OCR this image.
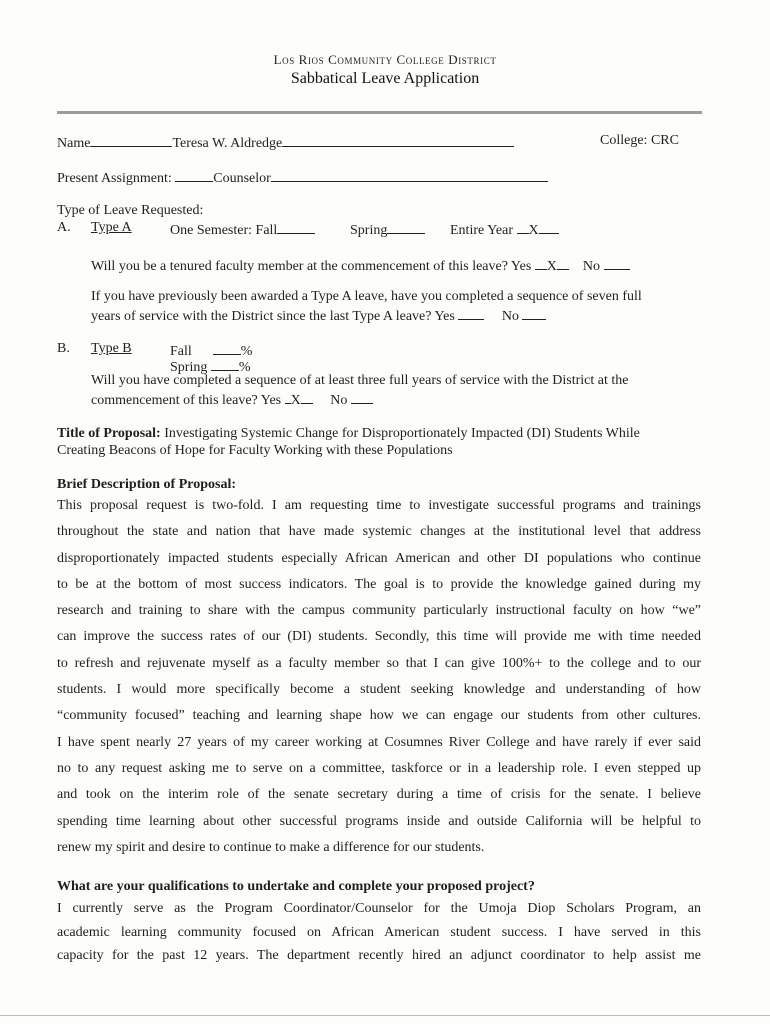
Los Rios Community College District
Sabbatical Leave Application
Name	Teresa W. Aldredge	College: CRC
Present Assignment:	Counselor
Type of Leave Requested:
A. Type A	One Semester: Fall	Spring	Entire Year X
Will you be a tenured faculty member at the commencement of this leave? Yes X No
If you have previously been awarded a Type A leave, have you completed a sequence of seven full
years of service with the District since the last Type A leave? Yes	No
B. Type B	Fall	%
Spring %
Will you have completed a sequence of at least three full years of service with the District at the
commencement of this leave? Yes X No
Title of Proposal: Investigating Systemic Change for Disproportionately Impacted (DI) Students While
Creating Beacons of Hope for Faculty Working with these Populations
Brief Description of Proposal:
This proposal request is two-fold. I am requesting time to investigate successful programs and trainings
throughout the state and nation that have made systemic changes at the institutional level that address
disproportionately impacted students especially African American and other DI populations who continue
to be at the bottom of most success indicators. The goal is to provide the knowledge gained during my
research and training to share with the campus community particularly instructional faculty on how “we”
can improve the success rates of our (DI) students. Secondly, this time will provide me with time needed
to refresh and rejuvenate myself as a faculty member so that I can give 100%+ to the college and to our
students. I would more specifically become a student seeking knowledge and understanding of how
“community focused” teaching and learning shape how we can engage our students from other cultures.
I have spent nearly 27 years of my career working at Cosumnes River College and have rarely if ever said
no to any request asking me to serve on a committee, taskforce or in a leadership role. I even stepped up
and took on the interim role of the senate secretary during a time of crisis for the senate. I believe
spending time learning about other successful programs inside and outside California will be helpful to
renew my spirit and desire to continue to make a difference for our students.
What are your qualifications to undertake and complete your proposed project?
I currently serve as the Program Coordinator/Counselor for the Umoja Diop Scholars Program, an
academic learning community focused on African American student success. I have served in this
capacity for the past 12 years. The department recently hired an adjunct coordinator to help assist me
